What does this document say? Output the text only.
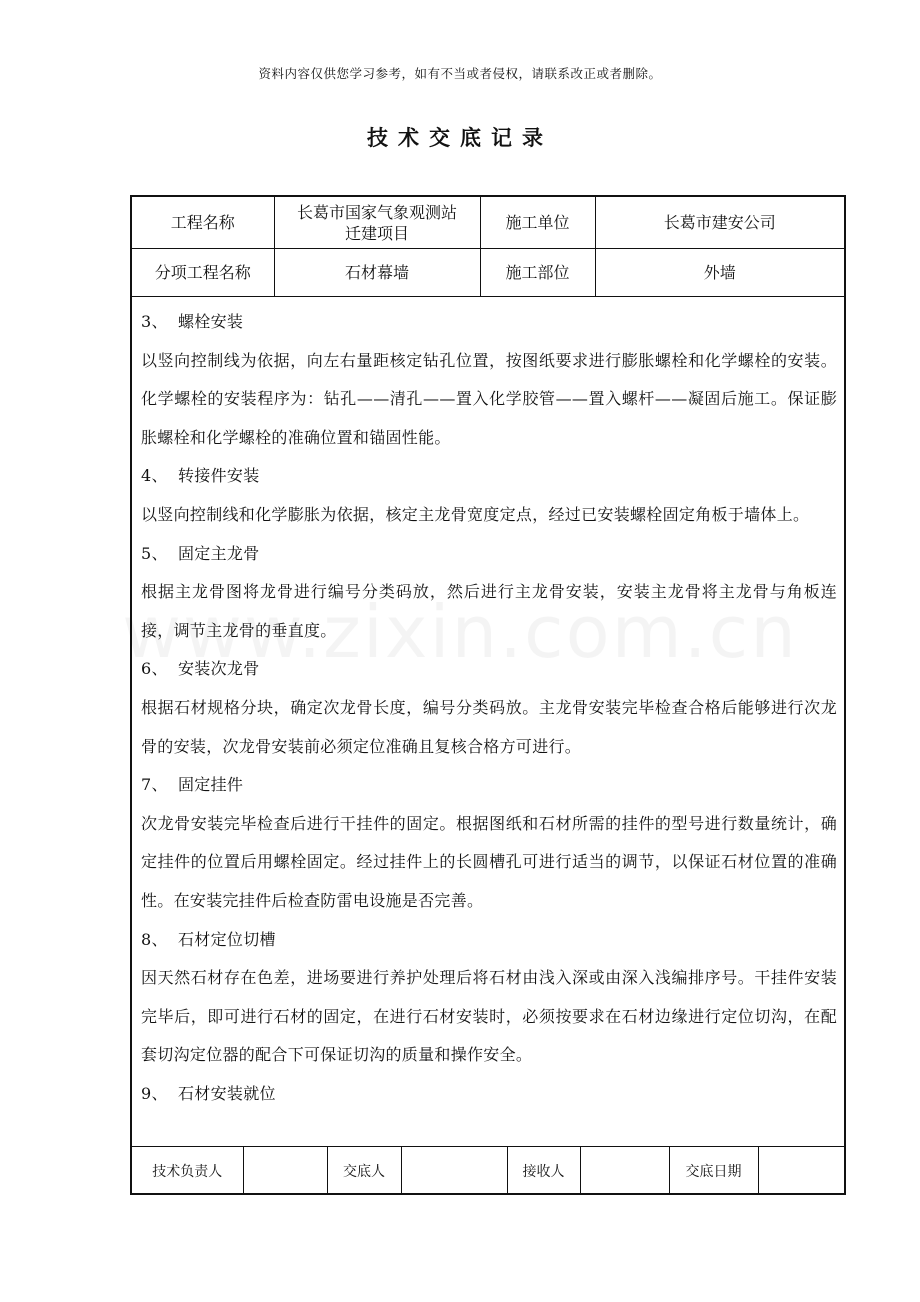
资料内容仅供您学习参考，如有不当或者侵权，请联系改正或者删除。
技术交底记录
工程名称	长葛市国家气象观测站迁建项目	施工单位	长葛市建安公司
分项工程名称	石材幕墙	施工部位	外墙

3、 螺栓安装

以竖向控制线为依据，向左右量距核定钻孔位置，按图纸要求进行膨胀螺栓和化学螺栓的安装。化学螺栓的安装程序为：钻孔——清孔——置入化学胶管——置入螺杆——凝固后施工。保证膨胀螺栓和化学螺栓的准确位置和锚固性能。

4、 转接件安装

以竖向控制线和化学膨胀为依据，核定主龙骨宽度定点，经过已安装螺栓固定角板于墙体上。

5、 固定主龙骨

根据主龙骨图将龙骨进行编号分类码放，然后进行主龙骨安装，安装主龙骨将主龙骨与角板连接，调节主龙骨的垂直度。

6、 安装次龙骨

根据石材规格分块，确定次龙骨长度，编号分类码放。主龙骨安装完毕检查合格后能够进行次龙骨的安装，次龙骨安装前必须定位准确且复核合格方可进行。

7、 固定挂件

次龙骨安装完毕检查后进行干挂件的固定。根据图纸和石材所需的挂件的型号进行数量统计，确定挂件的位置后用螺栓固定。经过挂件上的长圆槽孔可进行适当的调节，以保证石材位置的准确性。在安装完挂件后检查防雷电设施是否完善。

8、 石材定位切槽

因天然石材存在色差，进场要进行养护处理后将石材由浅入深或由深入浅编排序号。干挂件安装完毕后，即可进行石材的固定，在进行石材安装时，必须按要求在石材边缘进行定位切沟，在配套切沟定位器的配合下可保证切沟的质量和操作安全。

9、 石材安装就位

技术负责人		交底人		接收人		交底日期	
